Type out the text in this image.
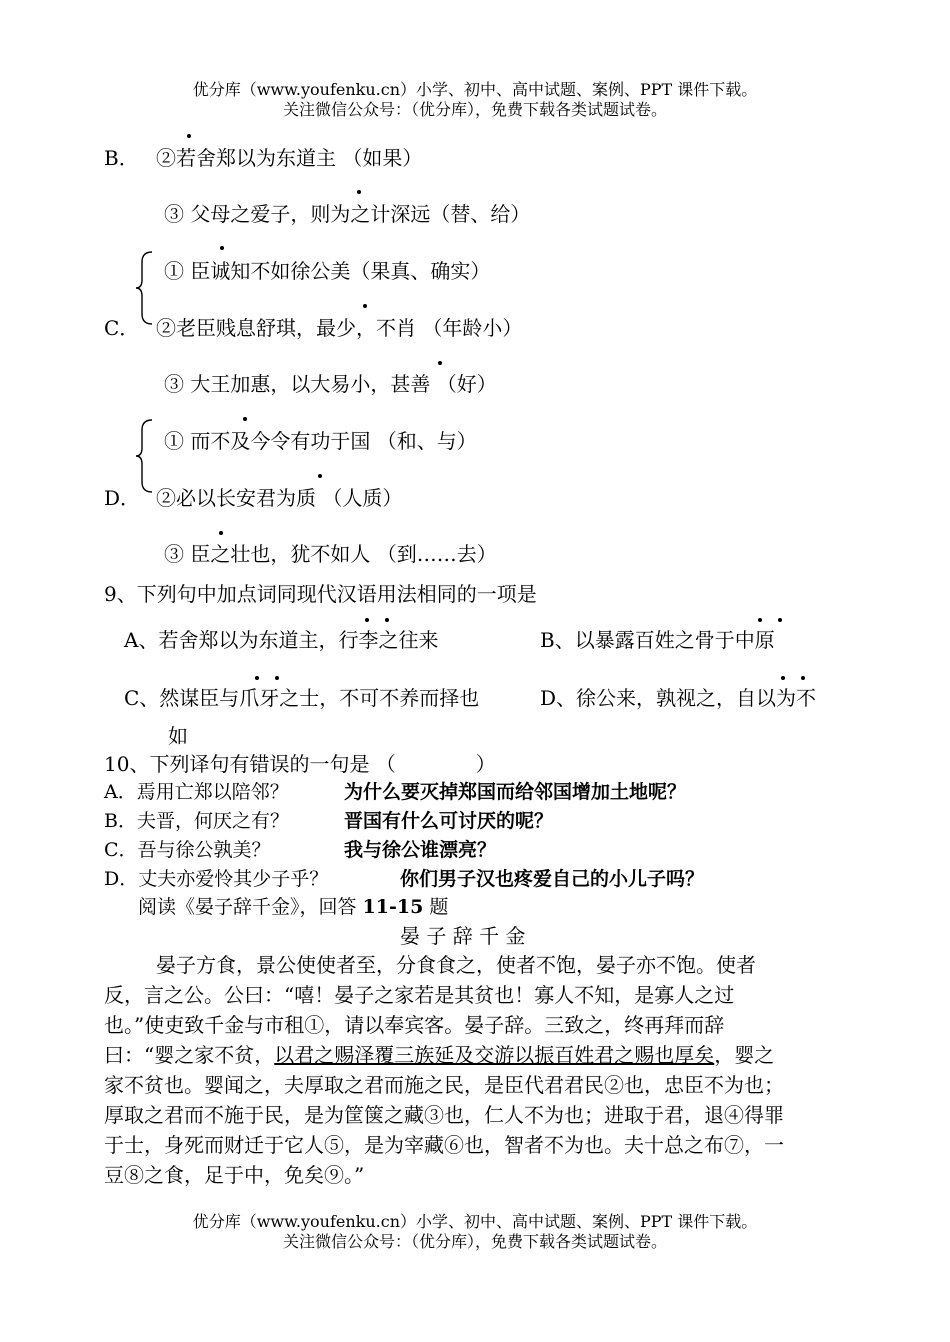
优分库（www.youfenku.cn）小学、初中、高中试题、案例、PPT 课件下载。
关注微信公众号：（优分库），免费下载各类试题试卷。
B． ②若舍郑以为东道主 （如果）
③ 父母之爱子，则为之计深远（替、给）
① 臣诚知不如徐公美（果真、确实）
C． ②老臣贱息舒琪，最少，不肖 （年龄小）
③ 大王加惠，以大易小，甚善 （好）
① 而不及今令有功于国 （和、与）
D． ②必以长安君为质 （人质）
③ 臣之壮也，犹不如人 （到……去）
9、下列句中加点词同现代汉语用法相同的一项是
A、若舍郑以为东道主，行李之往来	B、以暴露百姓之骨于中原
C、然谋臣与爪牙之士，不可不养而择也	D、徐公来，孰视之，自以为不
如
10、下列译句有错误的一句是 （　　　　）
A．焉用亡郑以陪邻？	为什么要灭掉郑国而给邻国增加土地呢？
B．夫晋，何厌之有？	晋国有什么可讨厌的呢？
C．吾与徐公孰美？	我与徐公谁漂亮？
D．丈夫亦爱怜其少子乎？	你们男子汉也疼爱自己的小儿子吗？
阅读《晏子辞千金》，回答 11-15 题
晏 子 辞 千 金
晏子方食，景公使使者至，分食食之，使者不饱，晏子亦不饱。使者
反，言之公。公曰：“嘻！晏子之家若是其贫也！寡人不知，是寡人之过
也。”使吏致千金与市租①，请以奉宾客。晏子辞。三致之，终再拜而辞
曰：“婴之家不贫，以君之赐泽覆三族延及交游以振百姓君之赐也厚矣，婴之
家不贫也。婴闻之，夫厚取之君而施之民，是臣代君君民②也，忠臣不为也；
厚取之君而不施于民，是为筐箧之藏③也，仁人不为也；进取于君，退④得罪
于士，身死而财迁于它人⑤，是为宰藏⑥也，智者不为也。夫十总之布⑦，一
豆⑧之食，足于中，免矣⑨。”
优分库（www.youfenku.cn）小学、初中、高中试题、案例、PPT 课件下载。
关注微信公众号：（优分库），免费下载各类试题试卷。
